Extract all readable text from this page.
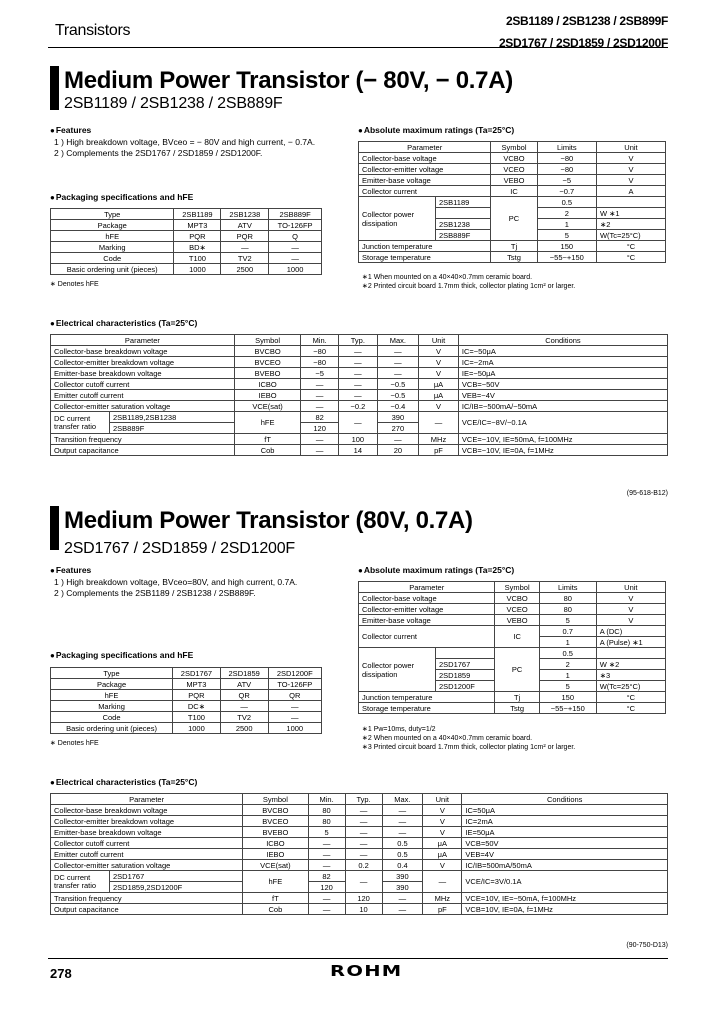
Transistors
2SB1189 / 2SB1238 / 2SB899F
2SD1767 / 2SD1859 / 2SD1200F
Medium Power Transistor (− 80V, − 0.7A)
2SB1189 / 2SB1238 / 2SB889F
●Features
1 ) High breakdown voltage, BVceo = − 80V and high current, − 0.7A.
2 ) Complements the 2SD1767 / 2SD1859 / 2SD1200F.
●Packaging specifications and hFE
Type	2SB1189	2SB1238	2SB889F
Package	MPT3	ATV	TO-126FP
hFE	PQR	PQR	Q
Marking	BD∗	—	—
Code	T100	TV2	—
Basic ordering unit (pieces)	1000	2500	1000
∗ Denotes hFE
●Absolute maximum ratings (Ta=25°C)
Parameter		Symbol	Limits	Unit
Collector-base voltage		VCBO	−80	V
Collector-emitter voltage		VCEO	−80	V
Emitter-base voltage		VEBO	−5	V
Collector current		IC	−0.7	A
Collector power dissipation	2SB1189	PC	0.5	
			2	W ∗1
	2SB1238		1	∗2
	2SB889F		5	W(Tc=25°C)
Junction temperature		Tj	150	°C
Storage temperature		Tstg	−55~+150	°C
∗1 When mounted on a 40×40×0.7mm ceramic board.
∗2 Printed circuit board 1.7mm thick, collector plating 1cm² or larger.
●Electrical characteristics (Ta=25°C)
Parameter		Symbol	Min.	Typ.	Max.	Unit	Conditions
Collector-base breakdown voltage		BVCBO	−80	—	—	V	IC=−50μA
Collector-emitter breakdown voltage		BVCEO	−80	—	—	V	IC=−2mA
Emitter-base breakdown voltage		BVEBO	−5	—	—	V	IE=−50μA
Collector cutoff current		ICBO	—	—	−0.5	μA	VCB=−50V
Emitter cutoff current		IEBO	—	—	−0.5	μA	VEB=−4V
Collector-emitter saturation voltage		VCE(sat)	—	−0.2	−0.4	V	IC/IB=−500mA/−50mA
DC current transfer ratio	2SB1189,2SB1238	hFE	82	—	390	—	VCE/IC=−8V/−0.1A
	2SB889F		120		270		
Transition frequency		fT	—	100	—	MHz	VCE=−10V, IE=50mA, f=100MHz
Output capacitance		Cob	—	14	20	pF	VCB=−10V, IE=0A, f=1MHz
(95-618-B12)
Medium Power Transistor (80V, 0.7A)
2SD1767 / 2SD1859 / 2SD1200F
●Features
1 ) High breakdown voltage, BVceo=80V, and high current, 0.7A.
2 ) Complements the 2SB1189 / 2SB1238 / 2SB889F.
●Packaging specifications and hFE
Type	2SD1767	2SD1859	2SD1200F
Package	MPT3	ATV	TO-126FP
hFE	PQR	QR	QR
Marking	DC∗	—	—
Code	T100	TV2	—
Basic ordering unit (pieces)	1000	2500	1000
∗ Denotes hFE
●Absolute maximum ratings (Ta=25°C)
Parameter		Symbol	Limits	Unit
Collector-base voltage		VCBO	80	V
Collector-emitter voltage		VCEO	80	V
Emitter-base voltage		VEBO	5	V
Collector current		IC	0.7	A (DC)
			1	A (Pulse) ∗1
Collector power dissipation		PC	0.5	
	2SD1767		2	W ∗2
	2SD1859		1	∗3
	2SD1200F		5	W(Tc=25°C)
Junction temperature		Tj	150	°C
Storage temperature		Tstg	−55~+150	°C
∗1 Pw=10ms, duty=1/2
∗2 When mounted on a 40×40×0.7mm ceramic board.
∗3 Printed circuit board 1.7mm thick, collector plating 1cm² or larger.
●Electrical characteristics (Ta=25°C)
Parameter		Symbol	Min.	Typ.	Max.	Unit	Conditions
Collector-base breakdown voltage		BVCBO	80	—	—	V	IC=50μA
Collector-emitter breakdown voltage		BVCEO	80	—	—	V	IC=2mA
Emitter-base breakdown voltage		BVEBO	5	—	—	V	IE=50μA
Collector cutoff current		ICBO	—	—	0.5	μA	VCB=50V
Emitter cutoff current		IEBO	—	—	0.5	μA	VEB=4V
Collector-emitter saturation voltage		VCE(sat)	—	0.2	0.4	V	IC/IB=500mA/50mA
DC current transfer ratio	2SD1767	hFE	82	—	390	—	VCE/IC=3V/0.1A
	2SD1859,2SD1200F		120		390		
Transition frequency		fT	—	120	—	MHz	VCE=10V, IE=−50mA, f=100MHz
Output capacitance		Cob	—	10	—	pF	VCB=10V, IE=0A, f=1MHz
(90-750-D13)
278	ROHM
